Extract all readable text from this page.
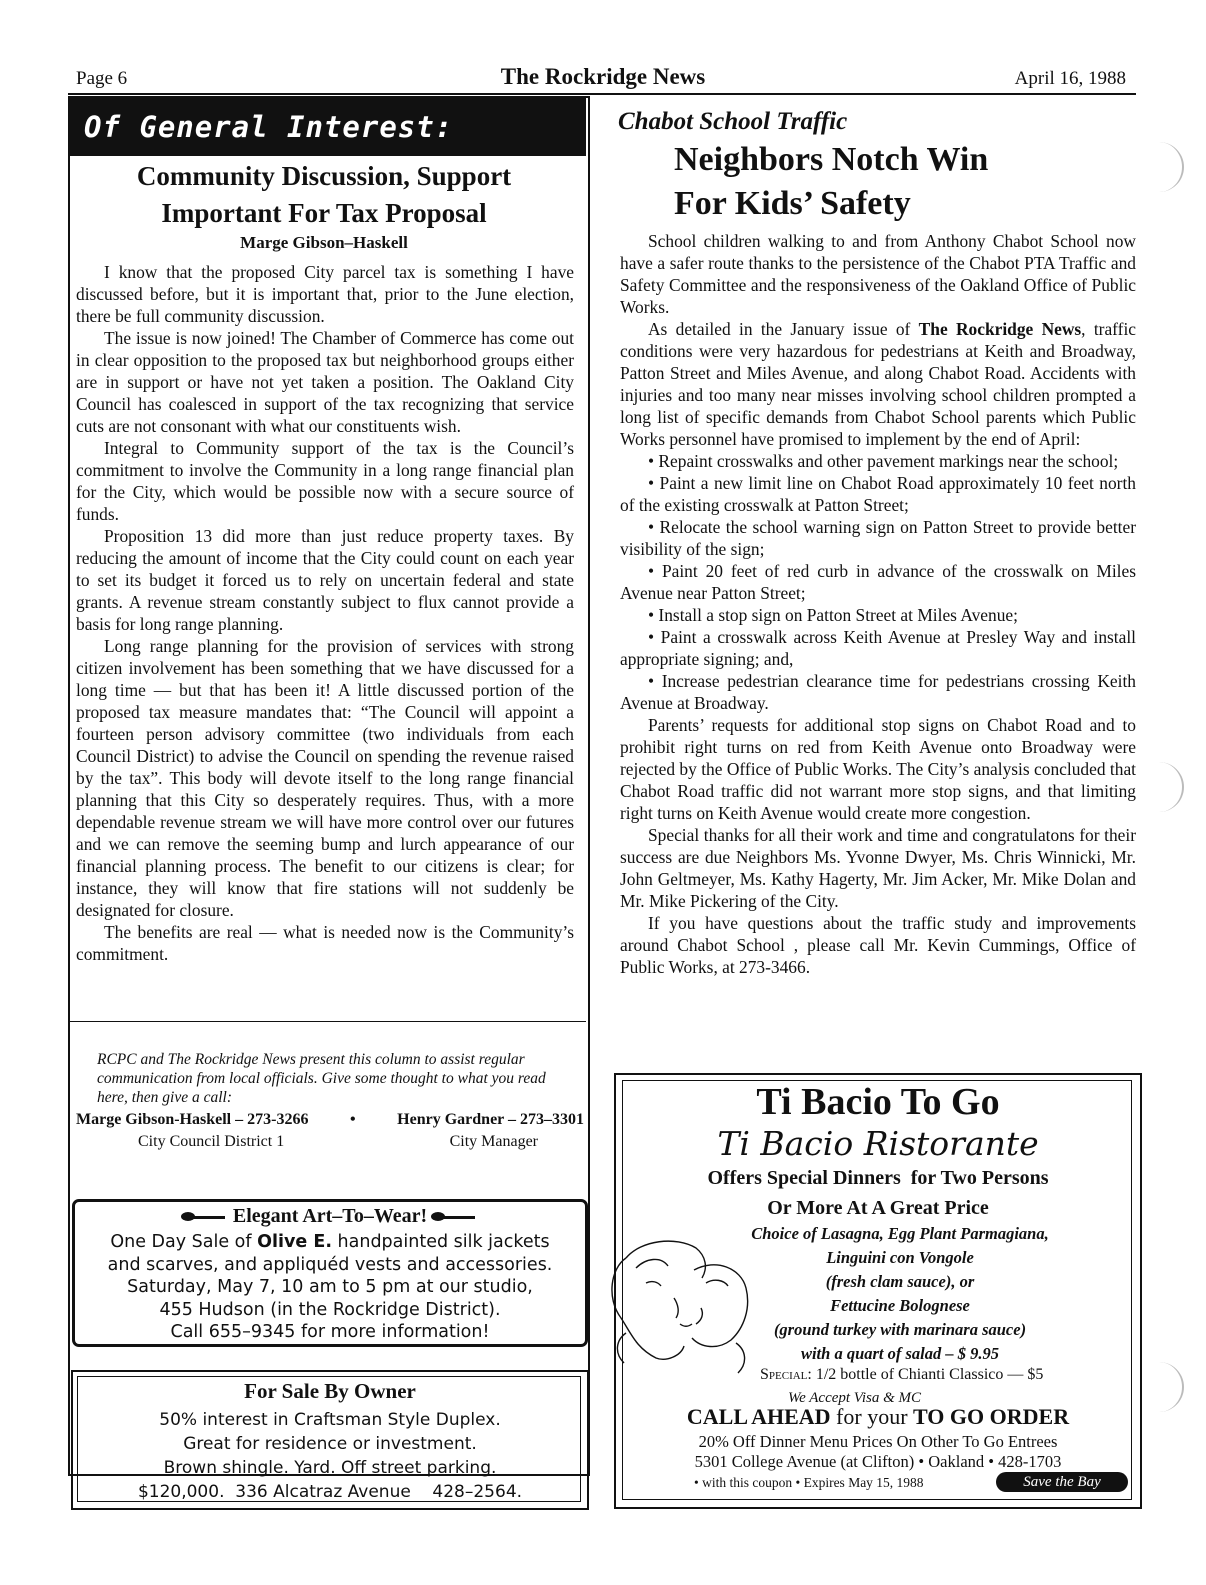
Page 6	The Rockridge News	April 16, 1988
Of General Interest:
Community Discussion, Support
Important For Tax Proposal
Marge Gibson–Haskell

I know that the proposed City parcel tax is something I have discussed before, but it is important that, prior to the June election, there be full community discussion.

The issue is now joined! The Chamber of Commerce has come out in clear opposition to the proposed tax but neighborhood groups either are in support or have not yet taken a position. The Oakland City Council has coalesced in support of the tax recognizing that service cuts are not consonant with what our constituents wish.

Integral to Community support of the tax is the Council’s commitment to involve the Community in a long range financial plan for the City, which would be possible now with a secure source of funds.

Proposition 13 did more than just reduce property taxes. By reducing the amount of income that the City could count on each year to set its budget it forced us to rely on uncertain federal and state grants. A revenue stream constantly subject to flux cannot provide a basis for long range planning.

Long range planning for the provision of services with strong citizen involvement has been something that we have discussed for a long time — but that has been it! A little discussed portion of the proposed tax measure mandates that: “The Council will appoint a fourteen person advisory committee (two individuals from each Council District) to advise the Council on spending the revenue raised by the tax”. This body will devote itself to the long range financial planning that this City so desperately requires. Thus, with a more dependable revenue stream we will have more control over our futures and we can remove the seeming bump and lurch appearance of our financial planning process. The benefit to our citizens is clear; for instance, they will know that fire stations will not suddenly be designated for closure.

The benefits are real — what is needed now is the Community’s commitment.

RCPC and The Rockridge News present this column to assist regular communication from local officials. Give some thought to what you read here, then give a call:
Marge Gibson-Haskell – 273-3266	•	Henry Gardner – 273–3301
City Council District 1	City Manager
Elegant Art–To–Wear!
One Day Sale of Olive E. handpainted silk jackets
and scarves, and appliquéd vests and accessories.
Saturday, May 7, 10 am to 5 pm at our studio,
455 Hudson (in the Rockridge District).
Call 655–9345 for more information!
For Sale By Owner
50% interest in Craftsman Style Duplex.
Great for residence or investment.
Brown shingle. Yard. Off street parking.
$120,000.  336 Alcatraz Avenue    428–2564.
Chabot School Traffic
Neighbors Notch Win
For Kids’ Safety

School children walking to and from Anthony Chabot School now have a safer route thanks to the persistence of the Chabot PTA Traffic and Safety Committee and the responsiveness of the Oakland Office of Public Works.

As detailed in the January issue of The Rockridge News, traffic conditions were very hazardous for pedestrians at Keith and Broadway, Patton Street and Miles Avenue, and along Chabot Road. Accidents with injuries and too many near misses involving school children prompted a long list of specific demands from Chabot School parents which Public Works personnel have promised to implement by the end of April:

• Repaint crosswalks and other pavement markings near the school;

• Paint a new limit line on Chabot Road approximately 10 feet north of the existing crosswalk at Patton Street;

• Relocate the school warning sign on Patton Street to provide better visibility of the sign;

• Paint 20 feet of red curb in advance of the crosswalk on Miles Avenue near Patton Street;

• Install a stop sign on Patton Street at Miles Avenue;

• Paint a crosswalk across Keith Avenue at Presley Way and install appropriate signing; and,

• Increase pedestrian clearance time for pedestrians crossing Keith Avenue at Broadway.

Parents’ requests for additional stop signs on Chabot Road and to prohibit right turns on red from Keith Avenue onto Broadway were rejected by the Office of Public Works. The City’s analysis concluded that Chabot Road traffic did not warrant more stop signs, and that limiting right turns on Keith Avenue would create more congestion.

Special thanks for all their work and time and congratulatons for their success are due Neighbors Ms. Yvonne Dwyer, Ms. Chris Winnicki, Mr. John Geltmeyer, Ms. Kathy Hagerty, Mr. Jim Acker, Mr. Mike Dolan and Mr. Mike Pickering of the City.

If you have questions about the traffic study and improvements around Chabot School , please call Mr. Kevin Cummings, Office of Public Works, at 273-3466.

Ti Bacio To Go
Ti Bacio Ristorante
Offers Special Dinners  for Two Persons
Or More At A Great Price
Choice of Lasagna, Egg Plant Parmagiana,
Linguini con Vongole
(fresh clam sauce), or
Fettucine Bolognese
(ground turkey with marinara sauce)
with a quart of salad – $ 9.95
Special: 1/2 bottle of Chianti Classico — $5
We Accept Visa & MC
CALL AHEAD for your TO GO ORDER
20% Off Dinner Menu Prices On Other To Go Entrees
5301 College Avenue (at Clifton) • Oakland • 428-1703
• with this coupon • Expires May 15, 1988	Save the Bay
